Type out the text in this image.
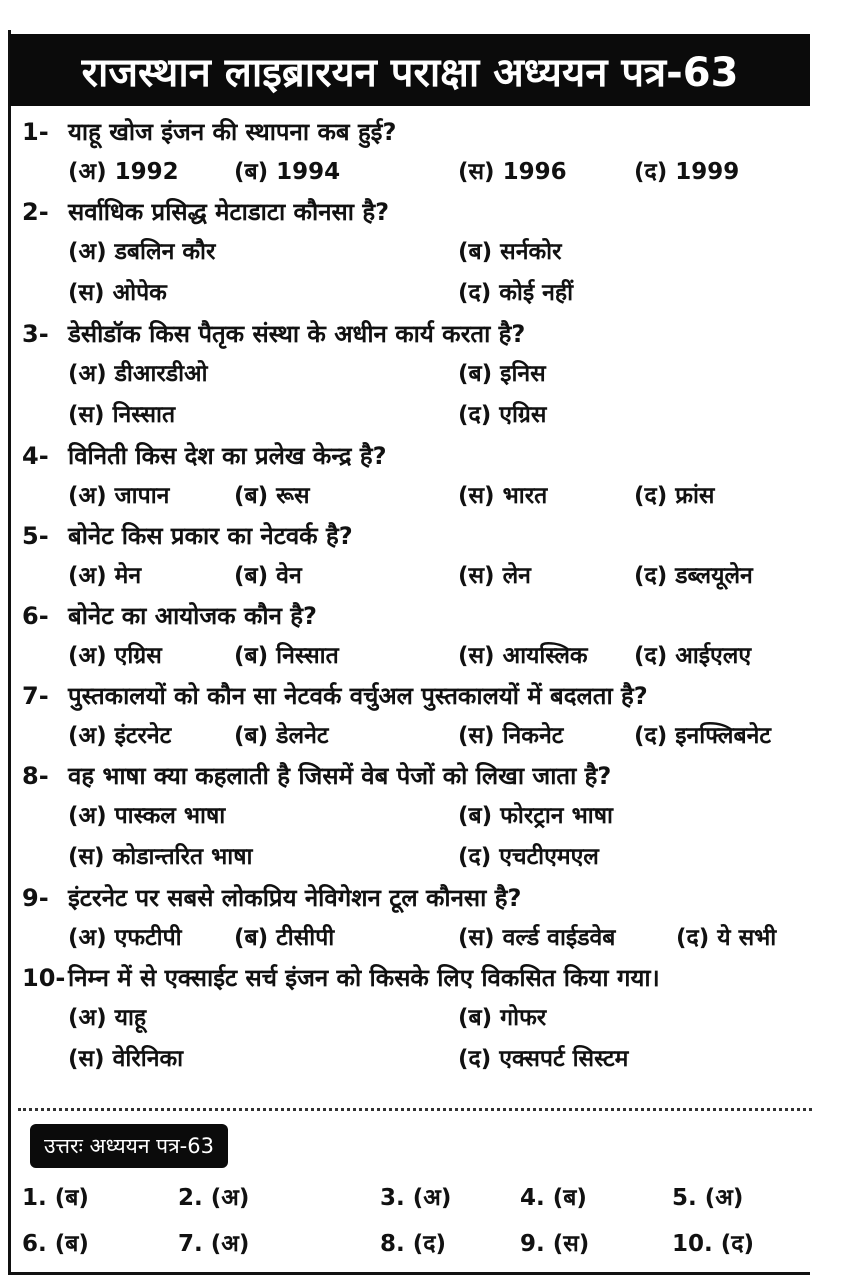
राजस्थान लाइब्रारयन पराक्षा अध्ययन पत्र-63
1- याहू खोज इंजन की स्थापना कब हुई?
(अ) 1992 (ब) 1994	(स) 1996	(द) 1999
2- सर्वाधिक प्रसिद्ध मेटाडाटा कौनसा है?
(अ) डबलिन कौर	(ब) सर्नकोर
(स) ओपेक	(द) कोई नहीं
3- डेसीडॉक किस पैतृक संस्था के अधीन कार्य करता है?
(अ) डीआरडीओ	(ब) इनिस
(स) निस्सात	(द) एग्रिस
4- विनिती किस देश का प्रलेख केन्द्र है?
(अ) जापान	(ब) रूस	(स) भारत	(द) फ्रांस
5- बोनेट किस प्रकार का नेटवर्क है?
(अ) मेन	(ब) वेन	(स) लेन	(द) डब्लयूलेन
6- बोनेट का आयोजक कौन है?
(अ) एग्रिस	(ब) निस्सात	(स) आयस्लिक (द) आईएलए
7- पुस्तकालयों को कौन सा नेटवर्क वर्चुअल पुस्तकालयों में बदलता है?
(अ) इंटरनेट	(ब) डेलनेट	(स) निकनेट	(द) इनफ्लिबनेट
8- वह भाषा क्या कहलाती है जिसमें वेब पेजों को लिखा जाता है?
(अ) पास्कल भाषा	(ब) फोरट्रान भाषा
(स) कोडान्तरित भाषा	(द) एचटीएमएल
9- इंटरनेट पर सबसे लोकप्रिय नेविगेशन टूल कौनसा है?
(अ) एफटीपी (ब) टीसीपी	(स) वर्ल्ड वाईडवेब	(द) ये सभी
10- निम्न में से एक्साईट सर्च इंजन को किसके लिए विकसित किया गया।
(अ) याहू	(ब) गोफर
(स) वेरिनिका	(द) एक्सपर्ट सिस्टम
उत्तरः अध्ययन पत्र-63
1. (ब)	2. (अ)	3. (अ)	4. (ब)	5. (अ)
6. (ब)	7. (अ)	8. (द)	9. (स)	10. (द)
